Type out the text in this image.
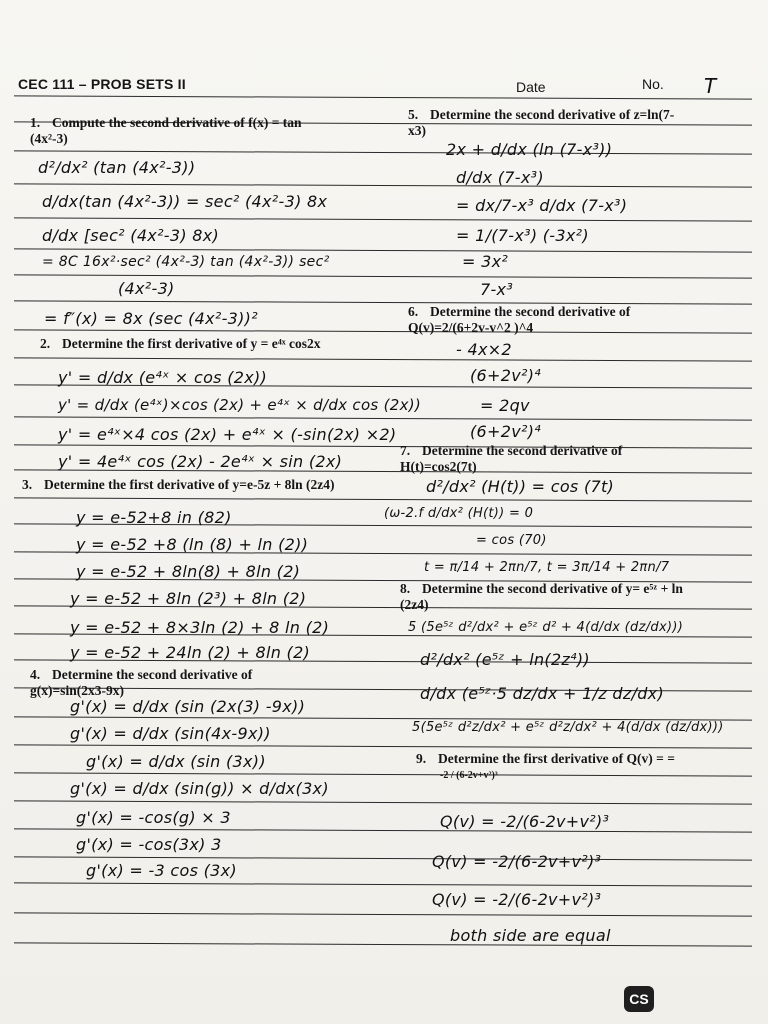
CEC 111 – PROB SETS II	Date	No. T
1. Compute the second derivative of f(x) = tan (4x²-3)
d²/dx² (tan (4x²-3))
d/dx(tan (4x²-3)) = sec² (4x²-3) 8x
d/dx [sec² (4x²-3) 8x)
= 8C 16x²·sec² (4x²-3) tan (4x²-3)) sec²
(4x²-3)
= f″(x) = 8x (sec (4x²-3))²
2. Determine the first derivative of y = e⁴ˣ cos2x
y' = d/dx (e⁴ˣ × cos (2x))
y' = d/dx (e⁴ˣ)×cos (2x) + e⁴ˣ × d/dx cos (2x))
y' = e⁴ˣ×4 cos (2x) + e⁴ˣ × (-sin(2x) ×2)
y' = 4e⁴ˣ cos (2x) - 2e⁴ˣ × sin (2x)
3. Determine the first derivative of y=e-5z + 8ln (2z4)
y = e-52+8 in (82)
y = e-52 +8 (ln (8) + ln (2))
y = e-52 + 8ln(8) + 8ln (2)
y = e-52 + 8ln (2³) + 8ln (2)
y = e-52 + 8×3ln (2) + 8 ln (2)
y = e-52 + 24ln (2) + 8ln (2)
4. Determine the second derivative of g(x)=sin(2x3-9x)
g'(x) = d/dx (sin (2x(3) -9x))
g'(x) = d/dx (sin(4x-9x))
g'(x) = d/dx (sin (3x))
g'(x) = d/dx (sin(g)) × d/dx(3x)
g'(x) = -cos(g) × 3
g'(x) = -cos(3x) 3
g'(x) = -3 cos (3x)
5. Determine the second derivative of z=ln(7-x3)
2x + d/dx (ln (7-x³))
d/dx (7-x³)
= dx/7-x³ d/dx (7-x³)
= 1/(7-x³) (-3x²)
= 3x²
7-x³
6. Determine the second derivative of Q(v)=2/(6+2v-v^2 )^4
- 4x×2
(6+2v²)⁴
= 2qv
(6+2v²)⁴
7. Determine the second derivative of H(t)=cos2(7t)
d²/dx² (H(t)) = cos (7t)
(ω-2.f d/dx² (H(t)) = 0
= cos (70)
t = π/14 + 2πn/7, t = 3π/14 + 2πn/7
8. Determine the second derivative of y= e⁵ᶻ + ln (2z4)
5 (5e⁵ᶻ d²/dx² + e⁵ᶻ d² + 4(d/dx (dz/dx)))
d²/dx² (e⁵ᶻ + ln(2z⁴))
d/dx (e⁵ᶻ·5 dz/dx + 1/z dz/dx)
5(5e⁵ᶻ d²z/dx² + e⁵ᶻ d²z/dx² + 4(d/dx (dz/dx)))
9. Determine the first derivative of Q(v) = =
-2 / (6-2v+v²)³
Q(v) = -2/(6-2v+v²)³
Q(v) = -2/(6-2v+v²)³
Q(v) = -2/(6-2v+v²)³
both side are equal
CS
